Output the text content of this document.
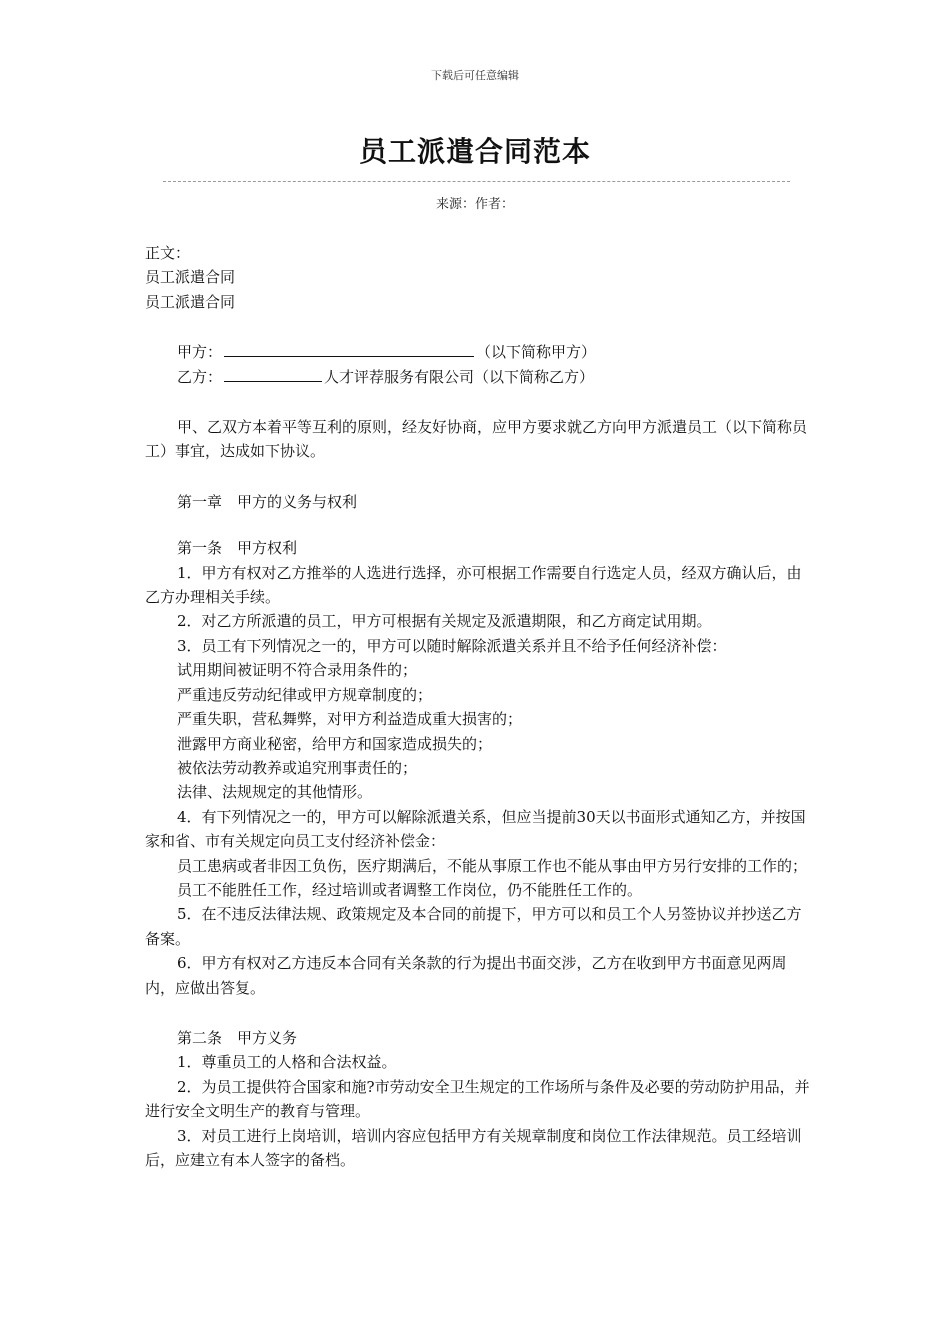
下载后可任意编辑
员工派遣合同范本
来源：作者：

正文：

员工派遣合同

员工派遣合同

甲方：	（以下简称甲方）

乙方：	人才评荐服务有限公司（以下简称乙方）

甲、乙双方本着平等互利的原则，经友好协商，应甲方要求就乙方向甲方派遣员工（以下简称员工）事宜，达成如下协议。

第一章　甲方的义务与权利

第一条　甲方权利

1．甲方有权对乙方推举的人选进行选择，亦可根据工作需要自行选定人员，经双方确认后，由乙方办理相关手续。

2．对乙方所派遣的员工，甲方可根据有关规定及派遣期限，和乙方商定试用期。

3．员工有下列情况之一的，甲方可以随时解除派遣关系并且不给予任何经济补偿：

试用期间被证明不符合录用条件的；

严重违反劳动纪律或甲方规章制度的；

严重失职，营私舞弊，对甲方利益造成重大损害的；

泄露甲方商业秘密，给甲方和国家造成损失的；

被依法劳动教养或追究刑事责任的；

法律、法规规定的其他情形。

4．有下列情况之一的，甲方可以解除派遣关系，但应当提前30天以书面形式通知乙方，并按国家和省、市有关规定向员工支付经济补偿金：

员工患病或者非因工负伤，医疗期满后，不能从事原工作也不能从事由甲方另行安排的工作的；

员工不能胜任工作，经过培训或者调整工作岗位，仍不能胜任工作的。

5．在不违反法律法规、政策规定及本合同的前提下，甲方可以和员工个人另签协议并抄送乙方备案。

6．甲方有权对乙方违反本合同有关条款的行为提出书面交涉，乙方在收到甲方书面意见两周内，应做出答复。

第二条　甲方义务

1．尊重员工的人格和合法权益。

2．为员工提供符合国家和施?市劳动安全卫生规定的工作场所与条件及必要的劳动防护用品，并进行安全文明生产的教育与管理。

3．对员工进行上岗培训，培训内容应包括甲方有关规章制度和岗位工作法律规范。员工经培训后，应建立有本人签字的备档。
